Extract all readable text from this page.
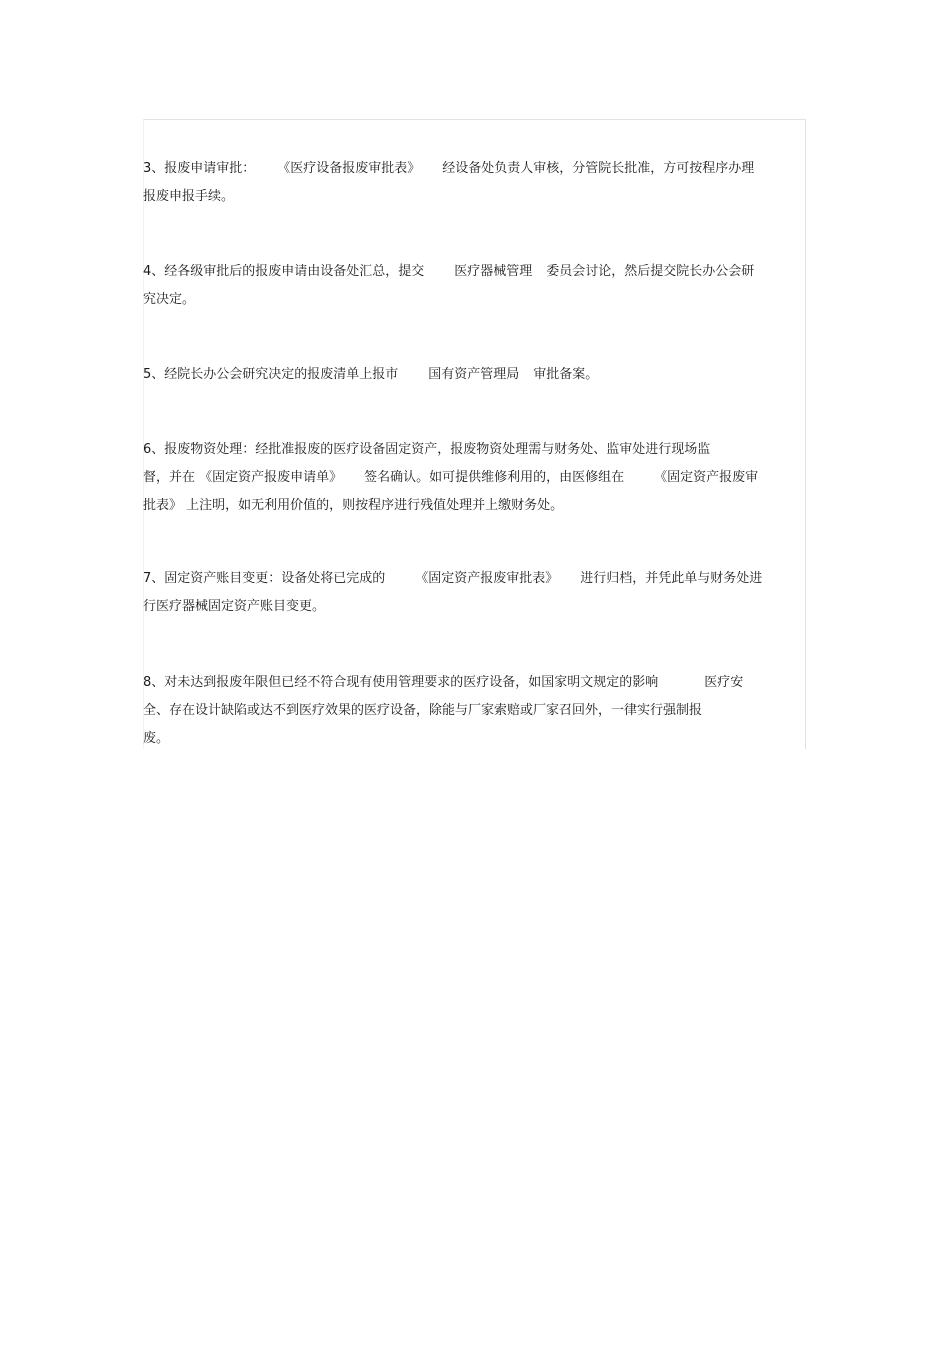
3、报废申请审批： 《医疗设备报废审批表》 经设备处负责人审核，分管院长批准，方可按程序办理
报废申报手续。

4、经各级审批后的报废申请由设备处汇总，提交 医疗器械管理 委员会讨论，然后提交院长办公会研
究决定。

5、经院长办公会研究决定的报废清单上报市 国有资产管理局 审批备案。

6、报废物资处理：经批准报废的医疗设备固定资产，报废物资处理需与财务处、监审处进行现场监
督，并在 《固定资产报废申请单》 签名确认。如可提供维修利用的，由医修组在 《固定资产报废审
批表》 上注明，如无利用价值的，则按程序进行残值处理并上缴财务处。

7、固定资产账目变更：设备处将已完成的 《固定资产报废审批表》 进行归档，并凭此单与财务处进
行医疗器械固定资产账目变更。

8、对未达到报废年限但已经不符合现有使用管理要求的医疗设备，如国家明文规定的影响	医疗安
全、存在设计缺陷或达不到医疗效果的医疗设备，除能与厂家索赔或厂家召回外，一律实行强制报
废。
